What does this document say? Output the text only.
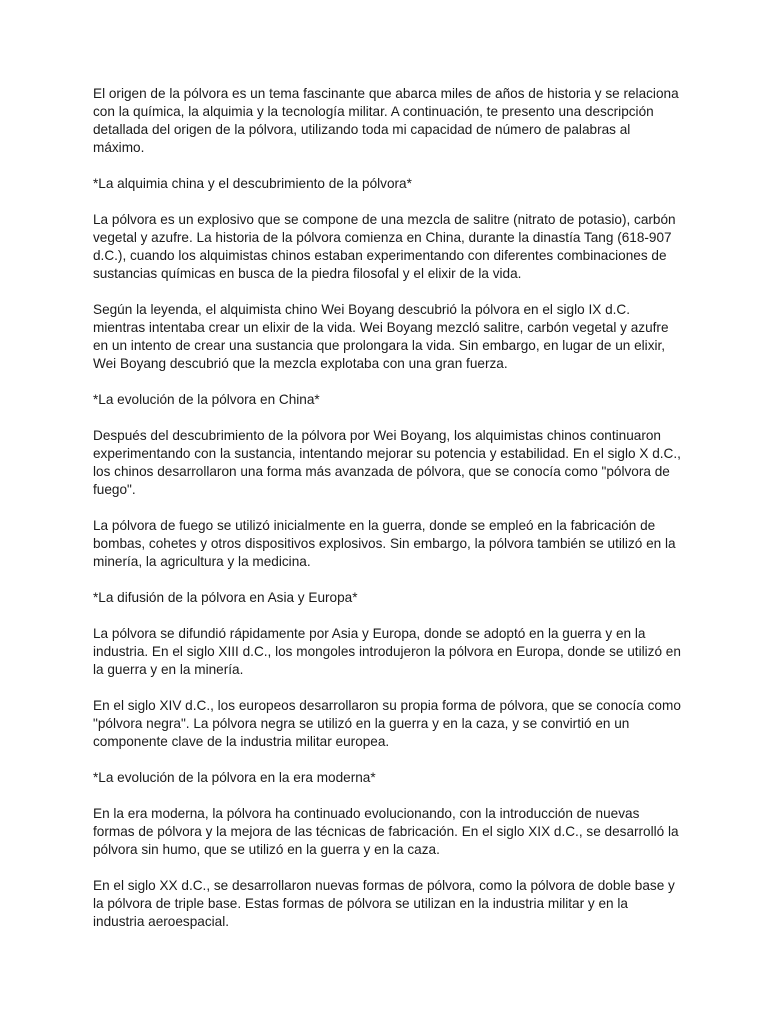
El origen de la pólvora es un tema fascinante que abarca miles de años de historia y se relaciona con la química, la alquimia y la tecnología militar. A continuación, te presento una descripción detallada del origen de la pólvora, utilizando toda mi capacidad de número de palabras al máximo.

*La alquimia china y el descubrimiento de la pólvora*

La pólvora es un explosivo que se compone de una mezcla de salitre (nitrato de potasio), carbón vegetal y azufre. La historia de la pólvora comienza en China, durante la dinastía Tang (618-907 d.C.), cuando los alquimistas chinos estaban experimentando con diferentes combinaciones de sustancias químicas en busca de la piedra filosofal y el elixir de la vida.

Según la leyenda, el alquimista chino Wei Boyang descubrió la pólvora en el siglo IX d.C. mientras intentaba crear un elixir de la vida. Wei Boyang mezcló salitre, carbón vegetal y azufre en un intento de crear una sustancia que prolongara la vida. Sin embargo, en lugar de un elixir, Wei Boyang descubrió que la mezcla explotaba con una gran fuerza.

*La evolución de la pólvora en China*

Después del descubrimiento de la pólvora por Wei Boyang, los alquimistas chinos continuaron experimentando con la sustancia, intentando mejorar su potencia y estabilidad. En el siglo X d.C., los chinos desarrollaron una forma más avanzada de pólvora, que se conocía como "pólvora de fuego".

La pólvora de fuego se utilizó inicialmente en la guerra, donde se empleó en la fabricación de bombas, cohetes y otros dispositivos explosivos. Sin embargo, la pólvora también se utilizó en la minería, la agricultura y la medicina.

*La difusión de la pólvora en Asia y Europa*

La pólvora se difundió rápidamente por Asia y Europa, donde se adoptó en la guerra y en la industria. En el siglo XIII d.C., los mongoles introdujeron la pólvora en Europa, donde se utilizó en la guerra y en la minería.

En el siglo XIV d.C., los europeos desarrollaron su propia forma de pólvora, que se conocía como "pólvora negra". La pólvora negra se utilizó en la guerra y en la caza, y se convirtió en un componente clave de la industria militar europea.

*La evolución de la pólvora en la era moderna*

En la era moderna, la pólvora ha continuado evolucionando, con la introducción de nuevas formas de pólvora y la mejora de las técnicas de fabricación. En el siglo XIX d.C., se desarrolló la pólvora sin humo, que se utilizó en la guerra y en la caza.

En el siglo XX d.C., se desarrollaron nuevas formas de pólvora, como la pólvora de doble base y la pólvora de triple base. Estas formas de pólvora se utilizan en la industria militar y en la industria aeroespacial.
